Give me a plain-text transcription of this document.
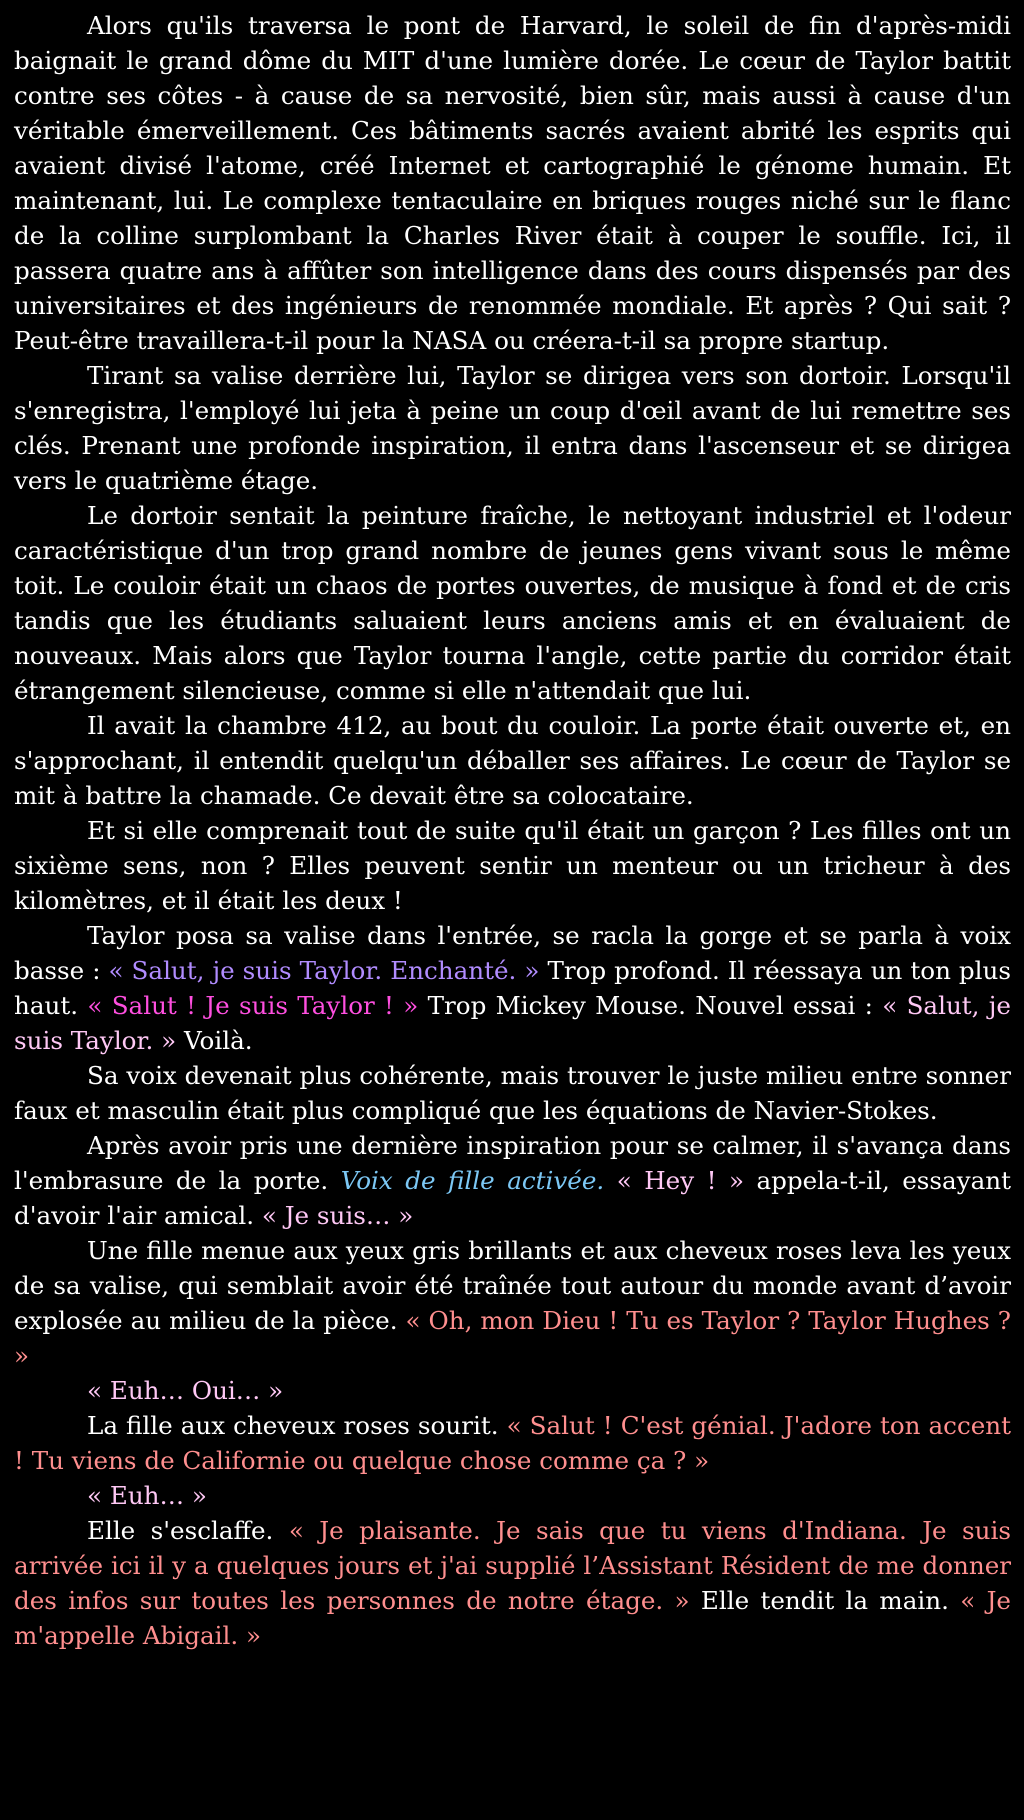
Alors qu'ils traversa le pont de Harvard, le soleil de fin d'après-midi baignait le grand dôme du MIT d'une lumière dorée. Le cœur de Taylor battit contre ses côtes - à cause de sa nervosité, bien sûr, mais aussi à cause d'un véritable émerveillement. Ces bâtiments sacrés avaient abrité les esprits qui avaient divisé l'atome, créé Internet et cartographié le génome humain. Et maintenant, lui. Le complexe tentaculaire en briques rouges niché sur le flanc de la colline surplombant la Charles River était à couper le souffle. Ici, il passera quatre ans à affûter son intelligence dans des cours dispensés par des universitaires et des ingénieurs de renommée mondiale. Et après ? Qui sait ? Peut-être travaillera-t-il pour la NASA ou créera-t-il sa propre startup.

Tirant sa valise derrière lui, Taylor se dirigea vers son dortoir. Lorsqu'il s'enregistra, l'employé lui jeta à peine un coup d'œil avant de lui remettre ses clés. Prenant une profonde inspiration, il entra dans l'ascenseur et se dirigea vers le quatrième étage.

Le dortoir sentait la peinture fraîche, le nettoyant industriel et l'odeur caractéristique d'un trop grand nombre de jeunes gens vivant sous le même toit. Le couloir était un chaos de portes ouvertes, de musique à fond et de cris tandis que les étudiants saluaient leurs anciens amis et en évaluaient de nouveaux. Mais alors que Taylor tourna l'angle, cette partie du corridor était étrangement silencieuse, comme si elle n'attendait que lui.

Il avait la chambre 412, au bout du couloir. La porte était ouverte et, en s'approchant, il entendit quelqu'un déballer ses affaires. Le cœur de Taylor se mit à battre la chamade. Ce devait être sa colocataire.

Et si elle comprenait tout de suite qu'il était un garçon ? Les filles ont un sixième sens, non ? Elles peuvent sentir un menteur ou un tricheur à des kilomètres, et il était les deux !

Taylor posa sa valise dans l'entrée, se racla la gorge et se parla à voix basse : « Salut, je suis Taylor. Enchanté. » Trop profond. Il réessaya un ton plus haut. « Salut ! Je suis Taylor ! » Trop Mickey Mouse. Nouvel essai : « Salut, je suis Taylor. » Voilà.

Sa voix devenait plus cohérente, mais trouver le juste milieu entre sonner faux et masculin était plus compliqué que les équations de Navier-Stokes.

Après avoir pris une dernière inspiration pour se calmer, il s'avança dans l'embrasure de la porte. Voix de fille activée. « Hey ! » appela-t-il, essayant d'avoir l'air amical. « Je suis… »

Une fille menue aux yeux gris brillants et aux cheveux roses leva les yeux de sa valise, qui semblait avoir été traînée tout autour du monde avant d’avoir explosée au milieu de la pièce. « Oh, mon Dieu ! Tu es Taylor ? Taylor Hughes ? »

« Euh… Oui… »

La fille aux cheveux roses sourit. « Salut ! C'est génial. J'adore ton accent ! Tu viens de Californie ou quelque chose comme ça ? »

« Euh… »

Elle s'esclaffe. « Je plaisante. Je sais que tu viens d'Indiana. Je suis arrivée ici il y a quelques jours et j'ai supplié l’Assistant Résident de me donner des infos sur toutes les personnes de notre étage. » Elle tendit la main. « Je m'appelle Abigail. »
